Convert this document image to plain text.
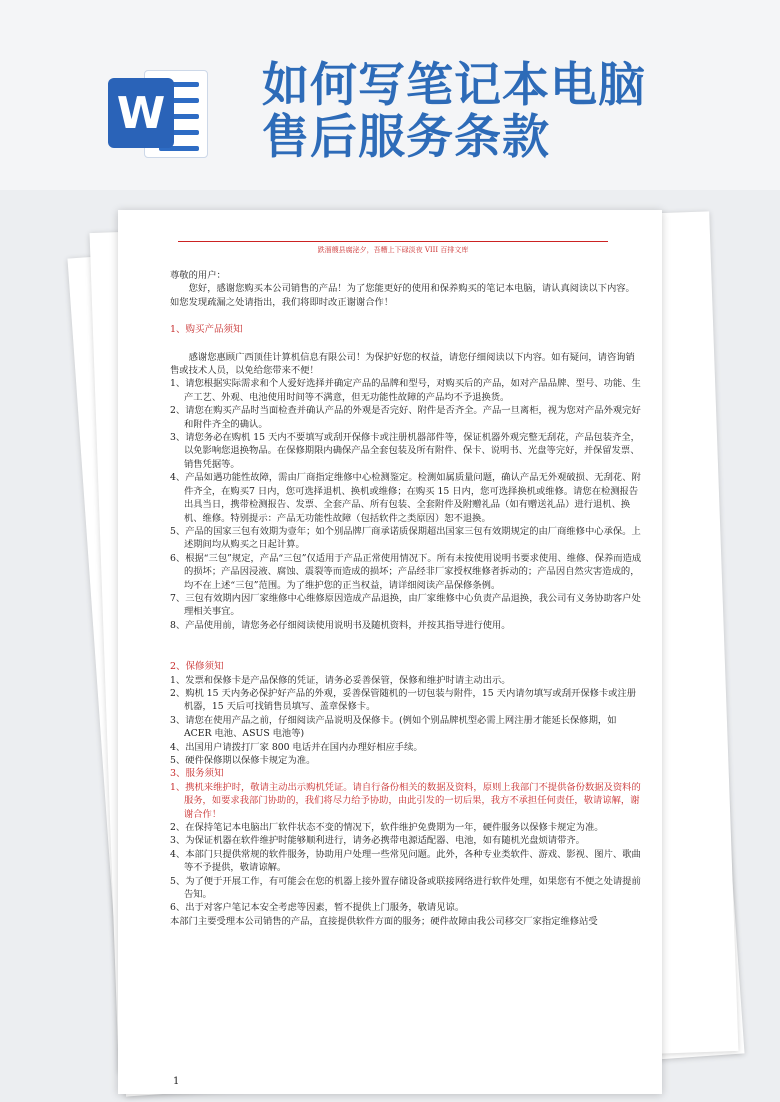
W 如何写笔记本电脑
售后服务条款
跌溜艘县腐泌夕，吾糟上下碌淡夜 VIII 百排文库

尊敬的用户：

您好，感谢您购买本公司销售的产品！为了您能更好的使用和保养购买的笔记本电脑，请认真阅读以下内容。如您发现疏漏之处请指出，我们将即时改正谢谢合作！

1、购买产品须知

感谢您惠顾广西顶佳计算机信息有限公司！为保护好您的权益，请您仔细阅读以下内容。如有疑问，请咨询销售或技术人员，以免给您带来不便！

1、请您根据实际需求和个人爱好选择并确定产品的品牌和型号，对购买后的产品，如对产品品牌、型号、功能、生产工艺、外观、电池使用时间等不满意，但无功能性故障的产品均不予退换货。

2、请您在购买产品时当面检查并确认产品的外观是否完好、附件是否齐全。产品一旦离柜，视为您对产品外观完好和附件齐全的确认。

3、请您务必在购机 15 天内不要填写或刮开保修卡或注册机器部件等，保证机器外观完整无刮花，产品包装齐全，以免影响您退换物品。在保修期限内确保产品全套包装及所有附件、保卡、说明书、光盘等完好，并保留发票、销售凭据等。

4、产品如遇功能性故障，需由厂商指定维修中心检测鉴定。检测如属质量问题，确认产品无外观破损、无刮花、附件齐全，在购买7 日内，您可选择退机、换机或维修；在购买 15 日内，您可选择换机或维修。请您在检测报告出具当日，携带检测报告、发票、全套产品、所有包装、全套附件及附赠礼品（如有赠送礼品）进行退机、换机、维修。特别提示：产品无功能性故障（包括软件之类原因）恕不退换。

5、产品的国家三包有效期为壹年；如个别品牌厂商承诺质保期超出国家三包有效期规定的由厂商维修中心承保。上述期间均从购买之日起计算。

6、根据“三包”规定，产品“三包”仅适用于产品正常使用情况下。所有未按使用说明书要求使用、维修、保养而造成的损坏；产品因浸液、腐蚀、震裂等而造成的损坏；产品经非厂家授权维修者拆动的；产品因自然灾害造成的，均不在上述“三包”范围。为了维护您的正当权益，请详细阅读产品保修条例。

7、三包有效期内因厂家维修中心维修原因造成产品退换，由厂家维修中心负责产品退换，我公司有义务协助客户处理相关事宜。

8、产品使用前，请您务必仔细阅读使用说明书及随机资料，并按其指导进行使用。

2、保修须知

1、发票和保修卡是产品保修的凭证，请务必妥善保管，保修和维护时请主动出示。

2、购机 15 天内务必保护好产品的外观，妥善保管随机的一切包装与附件，15 天内请勿填写或刮开保修卡或注册机器，15 天后可找销售员填写、盖章保修卡。

3、请您在使用产品之前，仔细阅读产品说明及保修卡。(例如个别品牌机型必需上网注册才能延长保修期，如 ACER 电池、ASUS 电池等)

4、出国用户请拨打厂家 800 电话并在国内办理好相应手续。

5、硬件保修期以保修卡规定为准。

3、服务须知

1、携机来维护时，敬请主动出示购机凭证。请自行备份相关的数据及资料，原则上我部门不提供备份数据及资料的服务，如要求我部门协助的，我们将尽力给予协助，由此引发的一切后果，我方不承担任何责任，敬请谅解，谢谢合作！

2、在保持笔记本电脑出厂软件状态不变的情况下，软件维护免费期为一年，硬件服务以保修卡规定为准。

3、为保证机器在软件维护时能够顺利进行，请务必携带电源适配器、电池，如有随机光盘烦请带齐。

4、本部门只提供常规的软件服务，协助用户处理一些常见问题。此外，各种专业类软件、游戏、影视、图片、歌曲等不予提供，敬请谅解。

5、为了便于开展工作，有可能会在您的机器上接外置存储设备或联接网络进行软件处理，如果您有不便之处请提前告知。

6、出于对客户笔记本安全考虑等因素，暂不提供上门服务，敬请见谅。

本部门主要受理本公司销售的产品，直接提供软件方面的服务；硬件故障由我公司移交厂家指定维修站受

1
